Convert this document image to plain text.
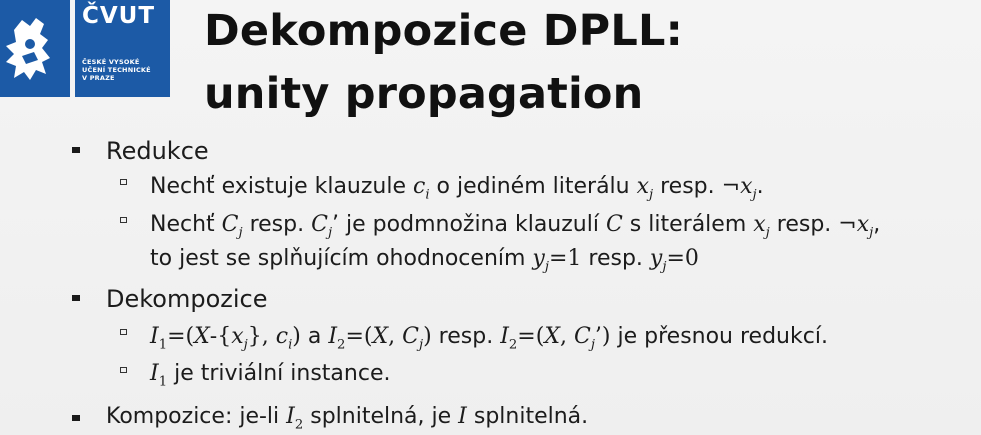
ČVUT
ČESKÉ VYSOKÉ
UČENÍ TECHNICKÉ
V PRAZE
Dekompozice DPLL:
unity propagation
Redukce
Nechť existuje klauzule $c_i$ o jediném literálu $x_j$ resp. $\neg x_j$.
Nechť $C_j$ resp. $C_j$’ je podmnožina klauzulí C s literálem $x_j$ resp. $\neg x_j$,
to jest se splňujícím ohodnocením $y_j=1$ resp. $y_j=0$
Dekompozice
$I_1=(X-\{x_j\}$, $c_i$) a $I_2=(X$, $C_j$) resp. $I_2=(X$, $C_j$’) je přesnou redukcí.
$I_1$ je triviální instance.
Kompozice: je-li $I_2$ splnitelná, je I splnitelná.
